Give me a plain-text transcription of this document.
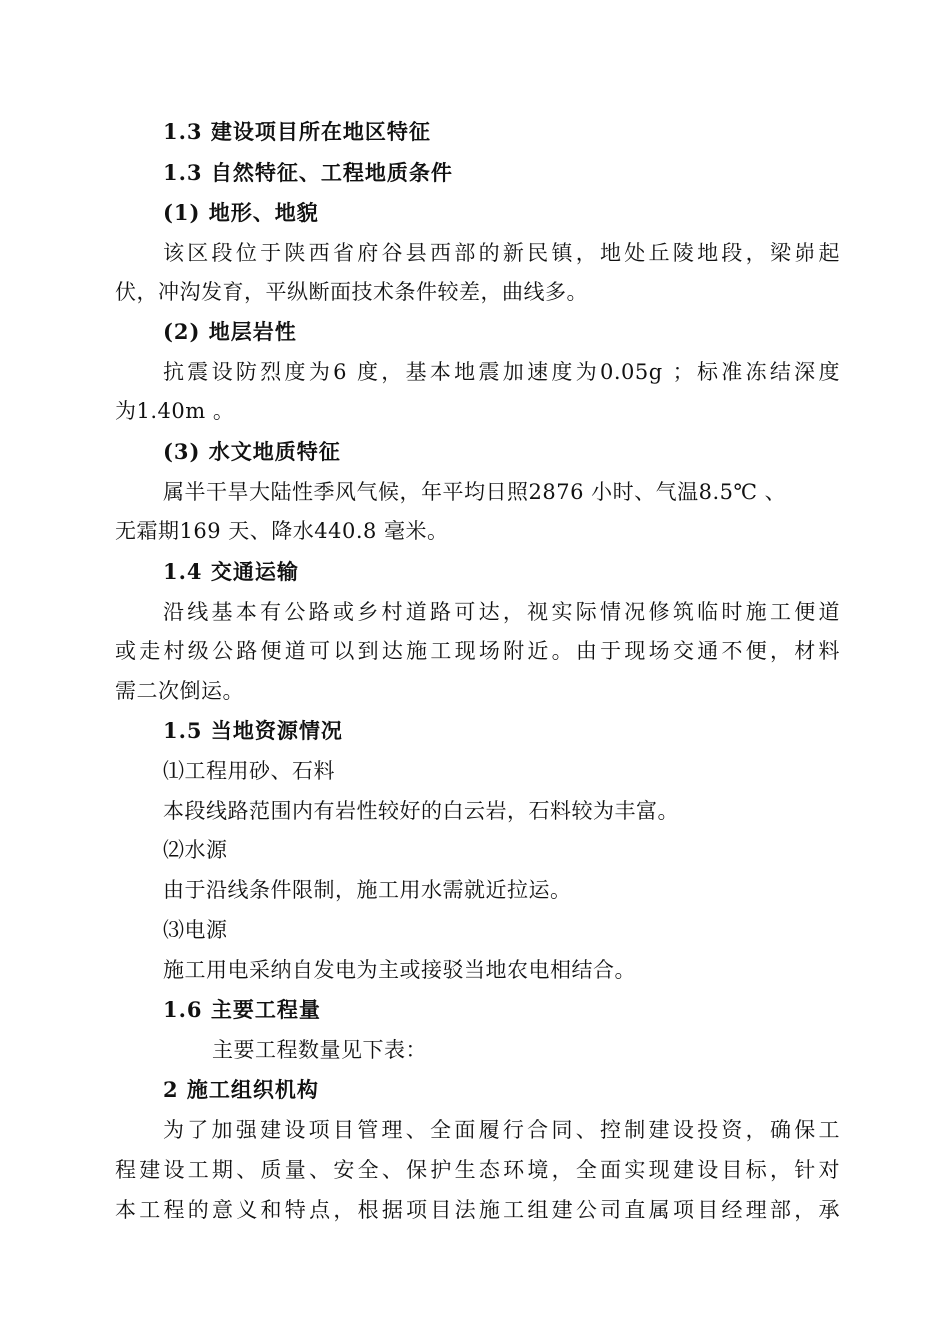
1.3 建设项目所在地区特征
1.3 自然特征、工程地质条件
(1) 地形、地貌
该区段位于陕西省府谷县西部的新民镇，地处丘陵地段，梁峁起
伏，冲沟发育，平纵断面技术条件较差，曲线多。
(2) 地层岩性
抗震设防烈度为6 度，基本地震加速度为0.05g ；标准冻结深度
为1.40m 。
(3) 水文地质特征
属半干旱大陆性季风气候，年平均日照2876 小时、气温8.5℃ 、
无霜期169 天、降水440.8 毫米。
1.4 交通运输
沿线基本有公路或乡村道路可达，视实际情况修筑临时施工便道
或走村级公路便道可以到达施工现场附近。由于现场交通不便，材料
需二次倒运。
1.5 当地资源情况
⑴工程用砂、石料
本段线路范围内有岩性较好的白云岩，石料较为丰富。
⑵水源
由于沿线条件限制，施工用水需就近拉运。
⑶电源
施工用电采纳自发电为主或接驳当地农电相结合。
1.6 主要工程量
主要工程数量见下表：
2 施工组织机构
为了加强建设项目管理、全面履行合同、控制建设投资，确保工
程建设工期、质量、安全、保护生态环境，全面实现建设目标，针对
本工程的意义和特点，根据项目法施工组建公司直属项目经理部，承
